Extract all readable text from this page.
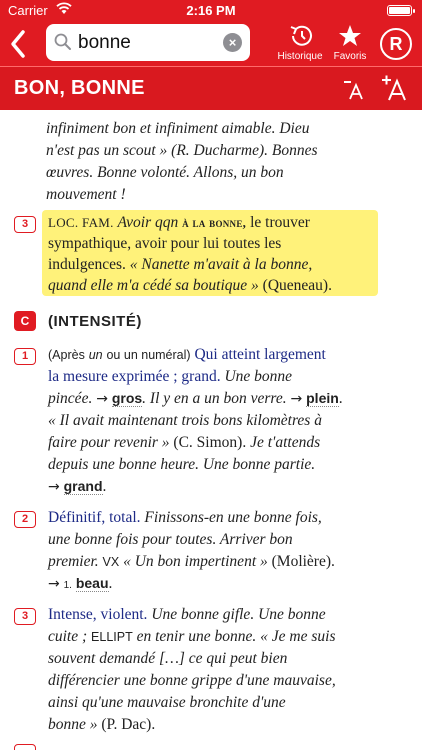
Carrier	2:16 PM
bonne	×
Historique	Favoris
R
BON, BONNE
infiniment bon et infiniment aimable. Dieu
n'est pas un scout » (R. Ducharme). Bonnes
œuvres. Bonne volonté. Allons, un bon
mouvement !
3	LOC. FAM. Avoir qqn à la bonne, le trouver
sympathique, avoir pour lui toutes les
indulgences. « Nanette m'avait à la bonne,
quand elle m'a cédé sa boutique » (Queneau).
C	(INTENSITÉ)
1	(Après un ou un numéral) Qui atteint largement
la mesure exprimée ; grand. Une bonne
pincée. → gros. Il y en a un bon verre. → plein.
« Il avait maintenant trois bons kilomètres à
faire pour revenir » (C. Simon). Je t'attends
depuis une bonne heure. Une bonne partie.
→ grand.
2	Définitif, total. Finissons-en une bonne fois,
une bonne fois pour toutes. Arriver bon
premier. VX « Un bon impertinent » (Molière).
→ 1. beau.
3	Intense, violent. Une bonne gifle. Une bonne
cuite ; ELLIPT en tenir une bonne. « Je me suis
souvent demandé […] ce qui peut bien
différencier une bonne grippe d'une mauvaise,
ainsi qu'une mauvaise bronchite d'une
bonne » (P. Dac).
